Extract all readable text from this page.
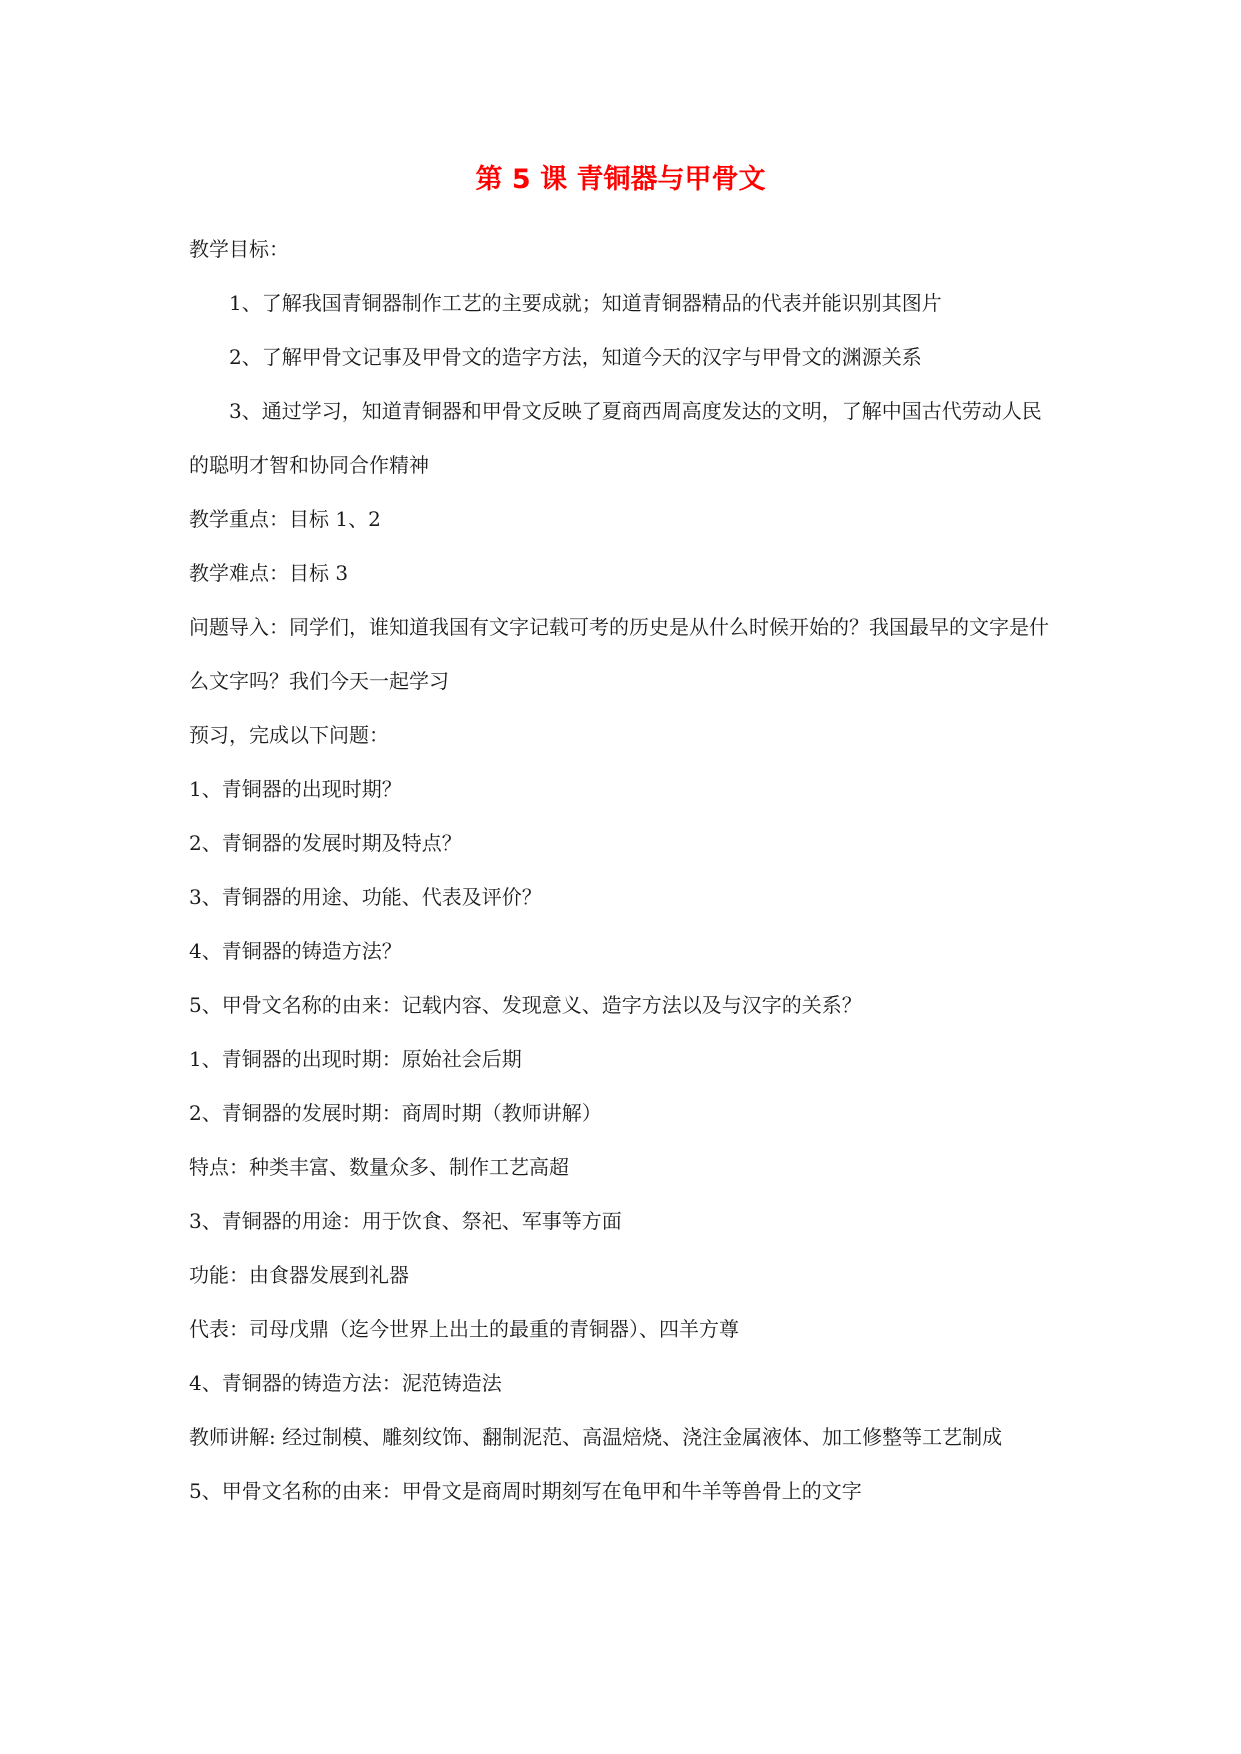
第 5 课 青铜器与甲骨文

教学目标：

1、了解我国青铜器制作工艺的主要成就；知道青铜器精品的代表并能识别其图片

2、了解甲骨文记事及甲骨文的造字方法，知道今天的汉字与甲骨文的渊源关系

3、通过学习，知道青铜器和甲骨文反映了夏商西周高度发达的文明，了解中国古代劳动人民的聪明才智和协同合作精神

教学重点：目标 1、2

教学难点：目标 3

问题导入：同学们，谁知道我国有文字记载可考的历史是从什么时候开始的？我国最早的文字是什么文字吗？我们今天一起学习

预习，完成以下问题：

1、青铜器的出现时期？

2、青铜器的发展时期及特点？

3、青铜器的用途、功能、代表及评价？

4、青铜器的铸造方法？

5、甲骨文名称的由来：记载内容、发现意义、造字方法以及与汉字的关系？

1、青铜器的出现时期：原始社会后期

2、青铜器的发展时期：商周时期（教师讲解）

特点：种类丰富、数量众多、制作工艺高超

3、青铜器的用途：用于饮食、祭祀、军事等方面

功能：由食器发展到礼器

代表：司母戊鼎（迄今世界上出土的最重的青铜器）、四羊方尊

4、青铜器的铸造方法：泥范铸造法

教师讲解: 经过制模、雕刻纹饰、翻制泥范、高温焙烧、浇注金属液体、加工修整等工艺制成

5、甲骨文名称的由来：甲骨文是商周时期刻写在龟甲和牛羊等兽骨上的文字
